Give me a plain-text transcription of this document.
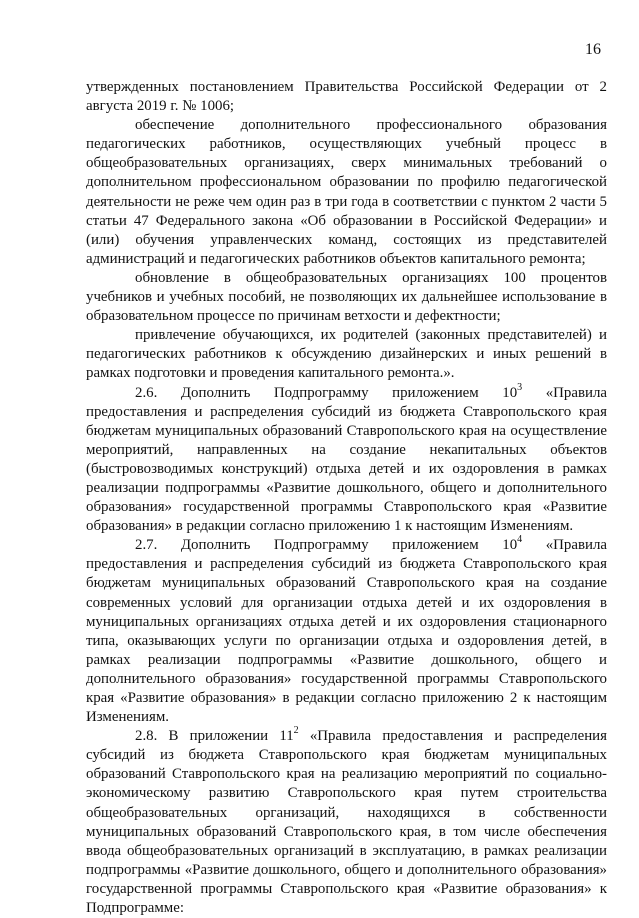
16

утвержденных постановлением Правительства Российской Федерации от 2 августа 2019 г. № 1006;

обеспечение дополнительного профессионального образования педагогических работников, осуществляющих учебный процесс в общеобразовательных организациях, сверх минимальных требований о дополнительном профессиональном образовании по профилю педагогической деятельности не реже чем один раз в три года в соответствии с пунктом 2 части 5 статьи 47 Федерального закона «Об образовании в Российской Федерации» и (или) обучения управленческих команд, состоящих из представителей администраций и педагогических работников объектов капитального ремонта;

обновление в общеобразовательных организациях 100 процентов учебников и учебных пособий, не позволяющих их дальнейшее использование в образовательном процессе по причинам ветхости и дефектности;

привлечение обучающихся, их родителей (законных представителей) и педагогических работников к обсуждению дизайнерских и иных решений в рамках подготовки и проведения капитального ремонта.».

2.6. Дополнить Подпрограмму приложением $10^3$ «Правила предоставления и распределения субсидий из бюджета Ставропольского края бюджетам муниципальных образований Ставропольского края на осуществление мероприятий, направленных на создание некапитальных объектов (быстровозводимых конструкций) отдыха детей и их оздоровления в рамках реализации подпрограммы «Развитие дошкольного, общего и дополнительного образования» государственной программы Ставропольского края «Развитие образования» в редакции согласно приложению 1 к настоящим Изменениям.

2.7. Дополнить Подпрограмму приложением $10^4$ «Правила предоставления и распределения субсидий из бюджета Ставропольского края бюджетам муниципальных образований Ставропольского края на создание современных условий для организации отдыха детей и их оздоровления в муниципальных организациях отдыха детей и их оздоровления стационарного типа, оказывающих услуги по организации отдыха и оздоровления детей, в рамках реализации подпрограммы «Развитие дошкольного, общего и дополнительного образования» государственной программы Ставропольского края «Развитие образования» в редакции согласно приложению 2 к настоящим Изменениям.

2.8. В приложении $11^2$ «Правила предоставления и распределения субсидий из бюджета Ставропольского края бюджетам муниципальных образований Ставропольского края на реализацию мероприятий по социально-экономическому развитию Ставропольского края путем строительства общеобразовательных организаций, находящихся в собственности муниципальных образований Ставропольского края, в том числе обеспечения ввода общеобразовательных организаций в эксплуатацию, в рамках реализации подпрограммы «Развитие дошкольного, общего и дополнительного образования» государственной программы Ставропольского края «Развитие образования» к Подпрограмме:
